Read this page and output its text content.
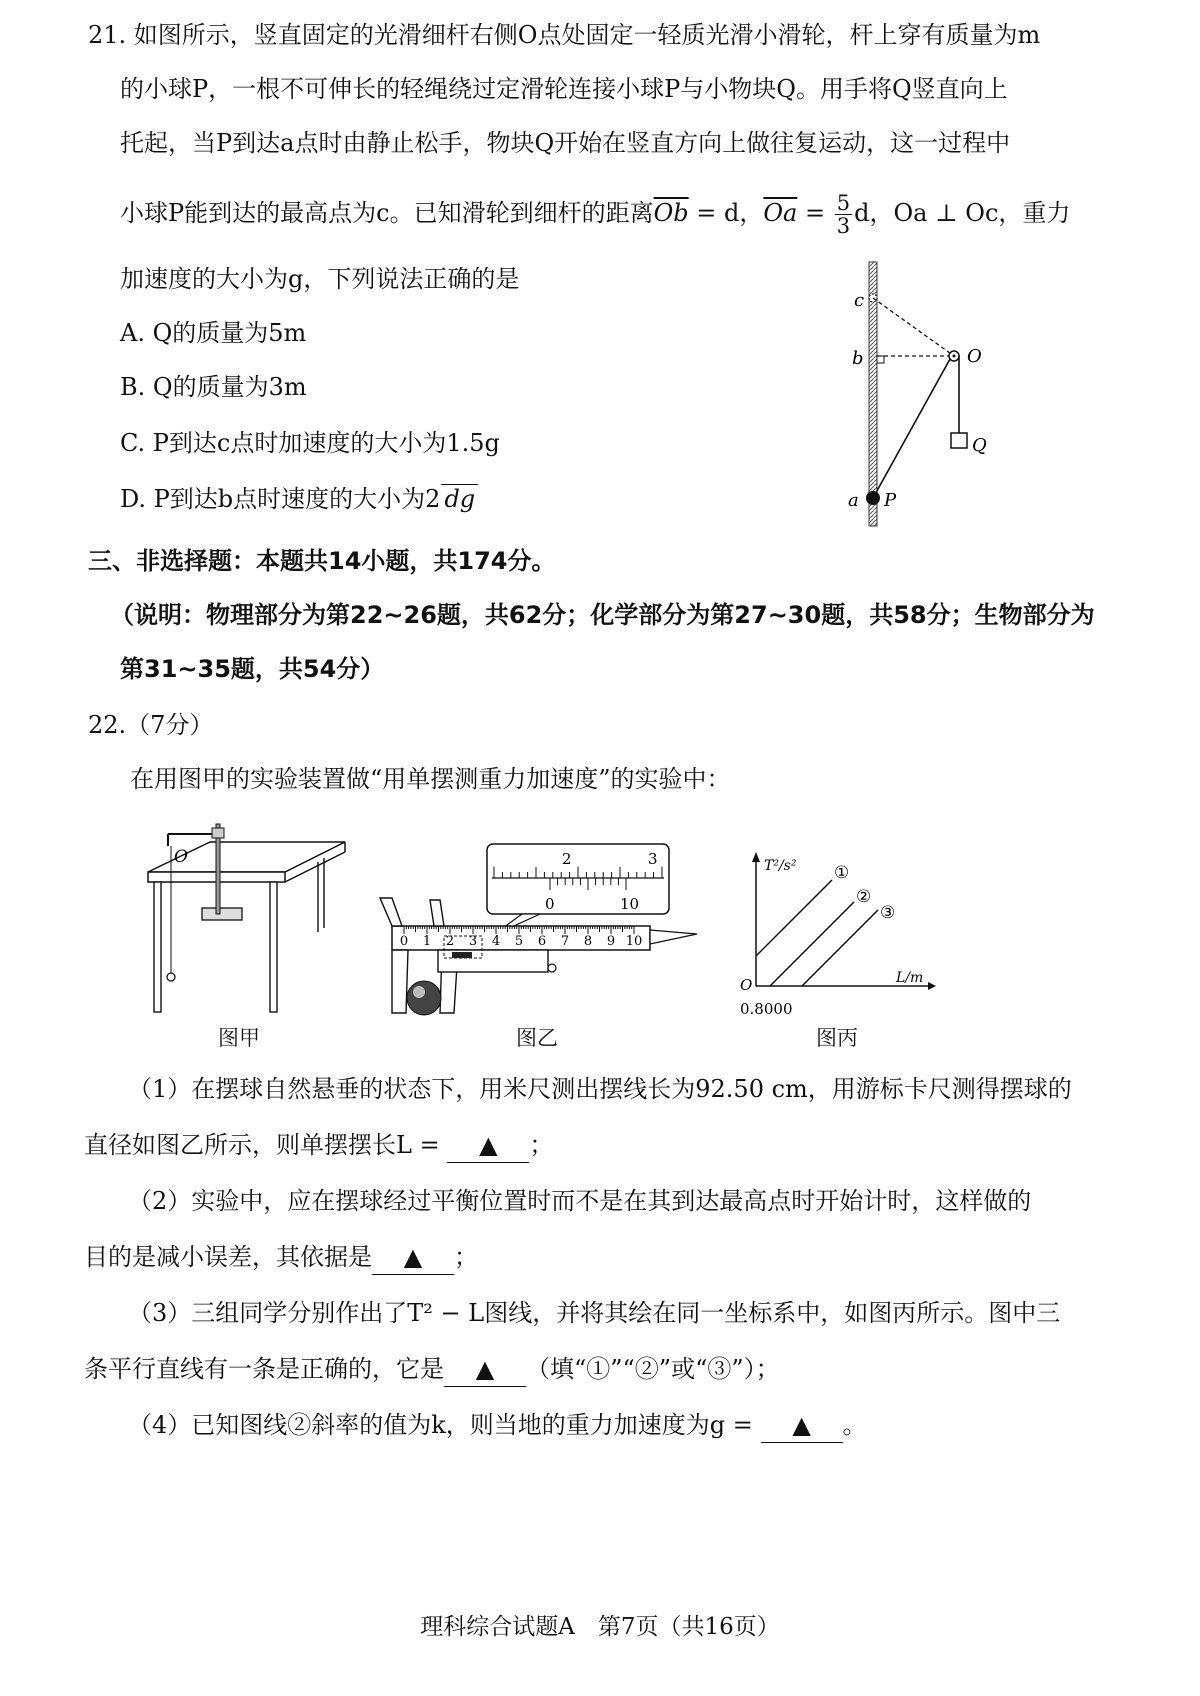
21. 如图所示，竖直固定的光滑细杆右侧O点处固定一轻质光滑小滑轮，杆上穿有质量为m
的小球P，一根不可伸长的轻绳绕过定滑轮连接小球P与小物块Q。用手将Q竖直向上
托起，当P到达a点时由静止松手，物块Q开始在竖直方向上做往复运动，这一过程中
小球P能到达的最高点为c。已知滑轮到细杆的距离$\overline{Ob} = d$，$\overline{Oa} = \frac{5}{3}$ d，Oa ⊥ Oc，重力
加速度的大小为g，下列说法正确的是
A. Q的质量为5m
B. Q的质量为3m
C. P到达c点时加速度的大小为1.5g
D. P到达b点时速度的大小为2 dg
c
b	O
Q
a P
三、非选择题：本题共14小题，共174分。
（说明：物理部分为第22~26题，共62分；化学部分为第27~30题，共58分；生物部分为
第31~35题，共54分）
22.（7分）
在用图甲的实验装置做“用单摆测重力加速度”的实验中：
O
图甲
2	3
0	10
0 1 2 3 4 5 6 7 8 9 10
图乙
T²/s²
L/m
O
0.8000
①
②
③
图丙
（1）在摆球自然悬垂的状态下，用米尺测出摆线长为92.50 cm，用游标卡尺测得摆球的
直径如图乙所示，则单摆摆长L = ▲ ；
（2）实验中，应在摆球经过平衡位置时而不是在其到达最高点时开始计时，这样做的
目的是减小误差，其依据是 ▲ ；
（3）三组同学分别作出了T² − L图线，并将其绘在同一坐标系中，如图丙所示。图中三
条平行直线有一条是正确的，它是 ▲ （填“①”“②”或“③”）；
（4）已知图线②斜率的值为k，则当地的重力加速度为g = ▲ 。
理科综合试题A　第7页（共16页）
